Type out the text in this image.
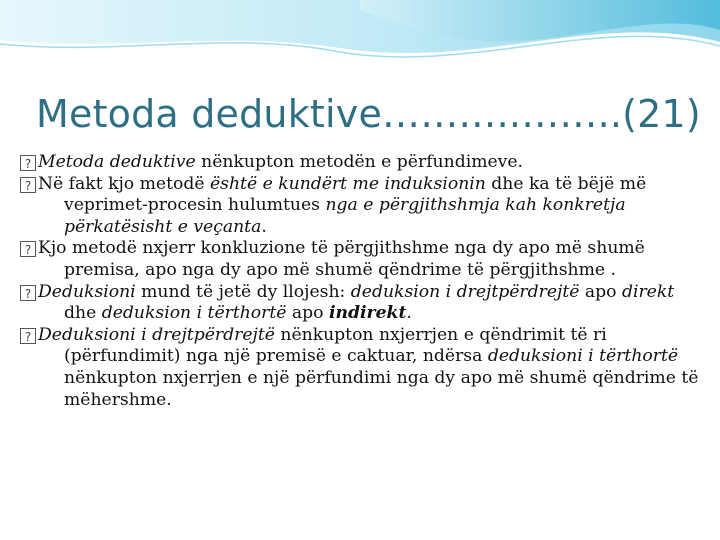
Metoda deduktive………..……..(21)

?
Metoda deduktive nënkupton metodën e përfundimeve.

?
Në fakt kjo metodë është e kundërt me induksionin dhe ka të bëjë më veprimet-procesin hulumtues nga e përgjithshmja kah konkretja përkatësisht e veçanta.

?
Kjo metodë nxjerr konkluzione të përgjithshme nga dy apo më shumë premisa, apo nga dy apo më shumë qëndrime të përgjithshme .

?
Deduksioni mund të jetë dy llojesh: deduksion i drejtpërdrejtë apo direkt dhe deduksion i tërthortë apo indirekt.

?
Deduksioni i drejtpërdrejtë nënkupton nxjerrjen e qëndrimit të ri (përfundimit) nga një premisë e caktuar, ndërsa deduksioni i tërthortë nënkupton nxjerrjen e një përfundimi nga dy apo më shumë qëndrime të mëhershme.
